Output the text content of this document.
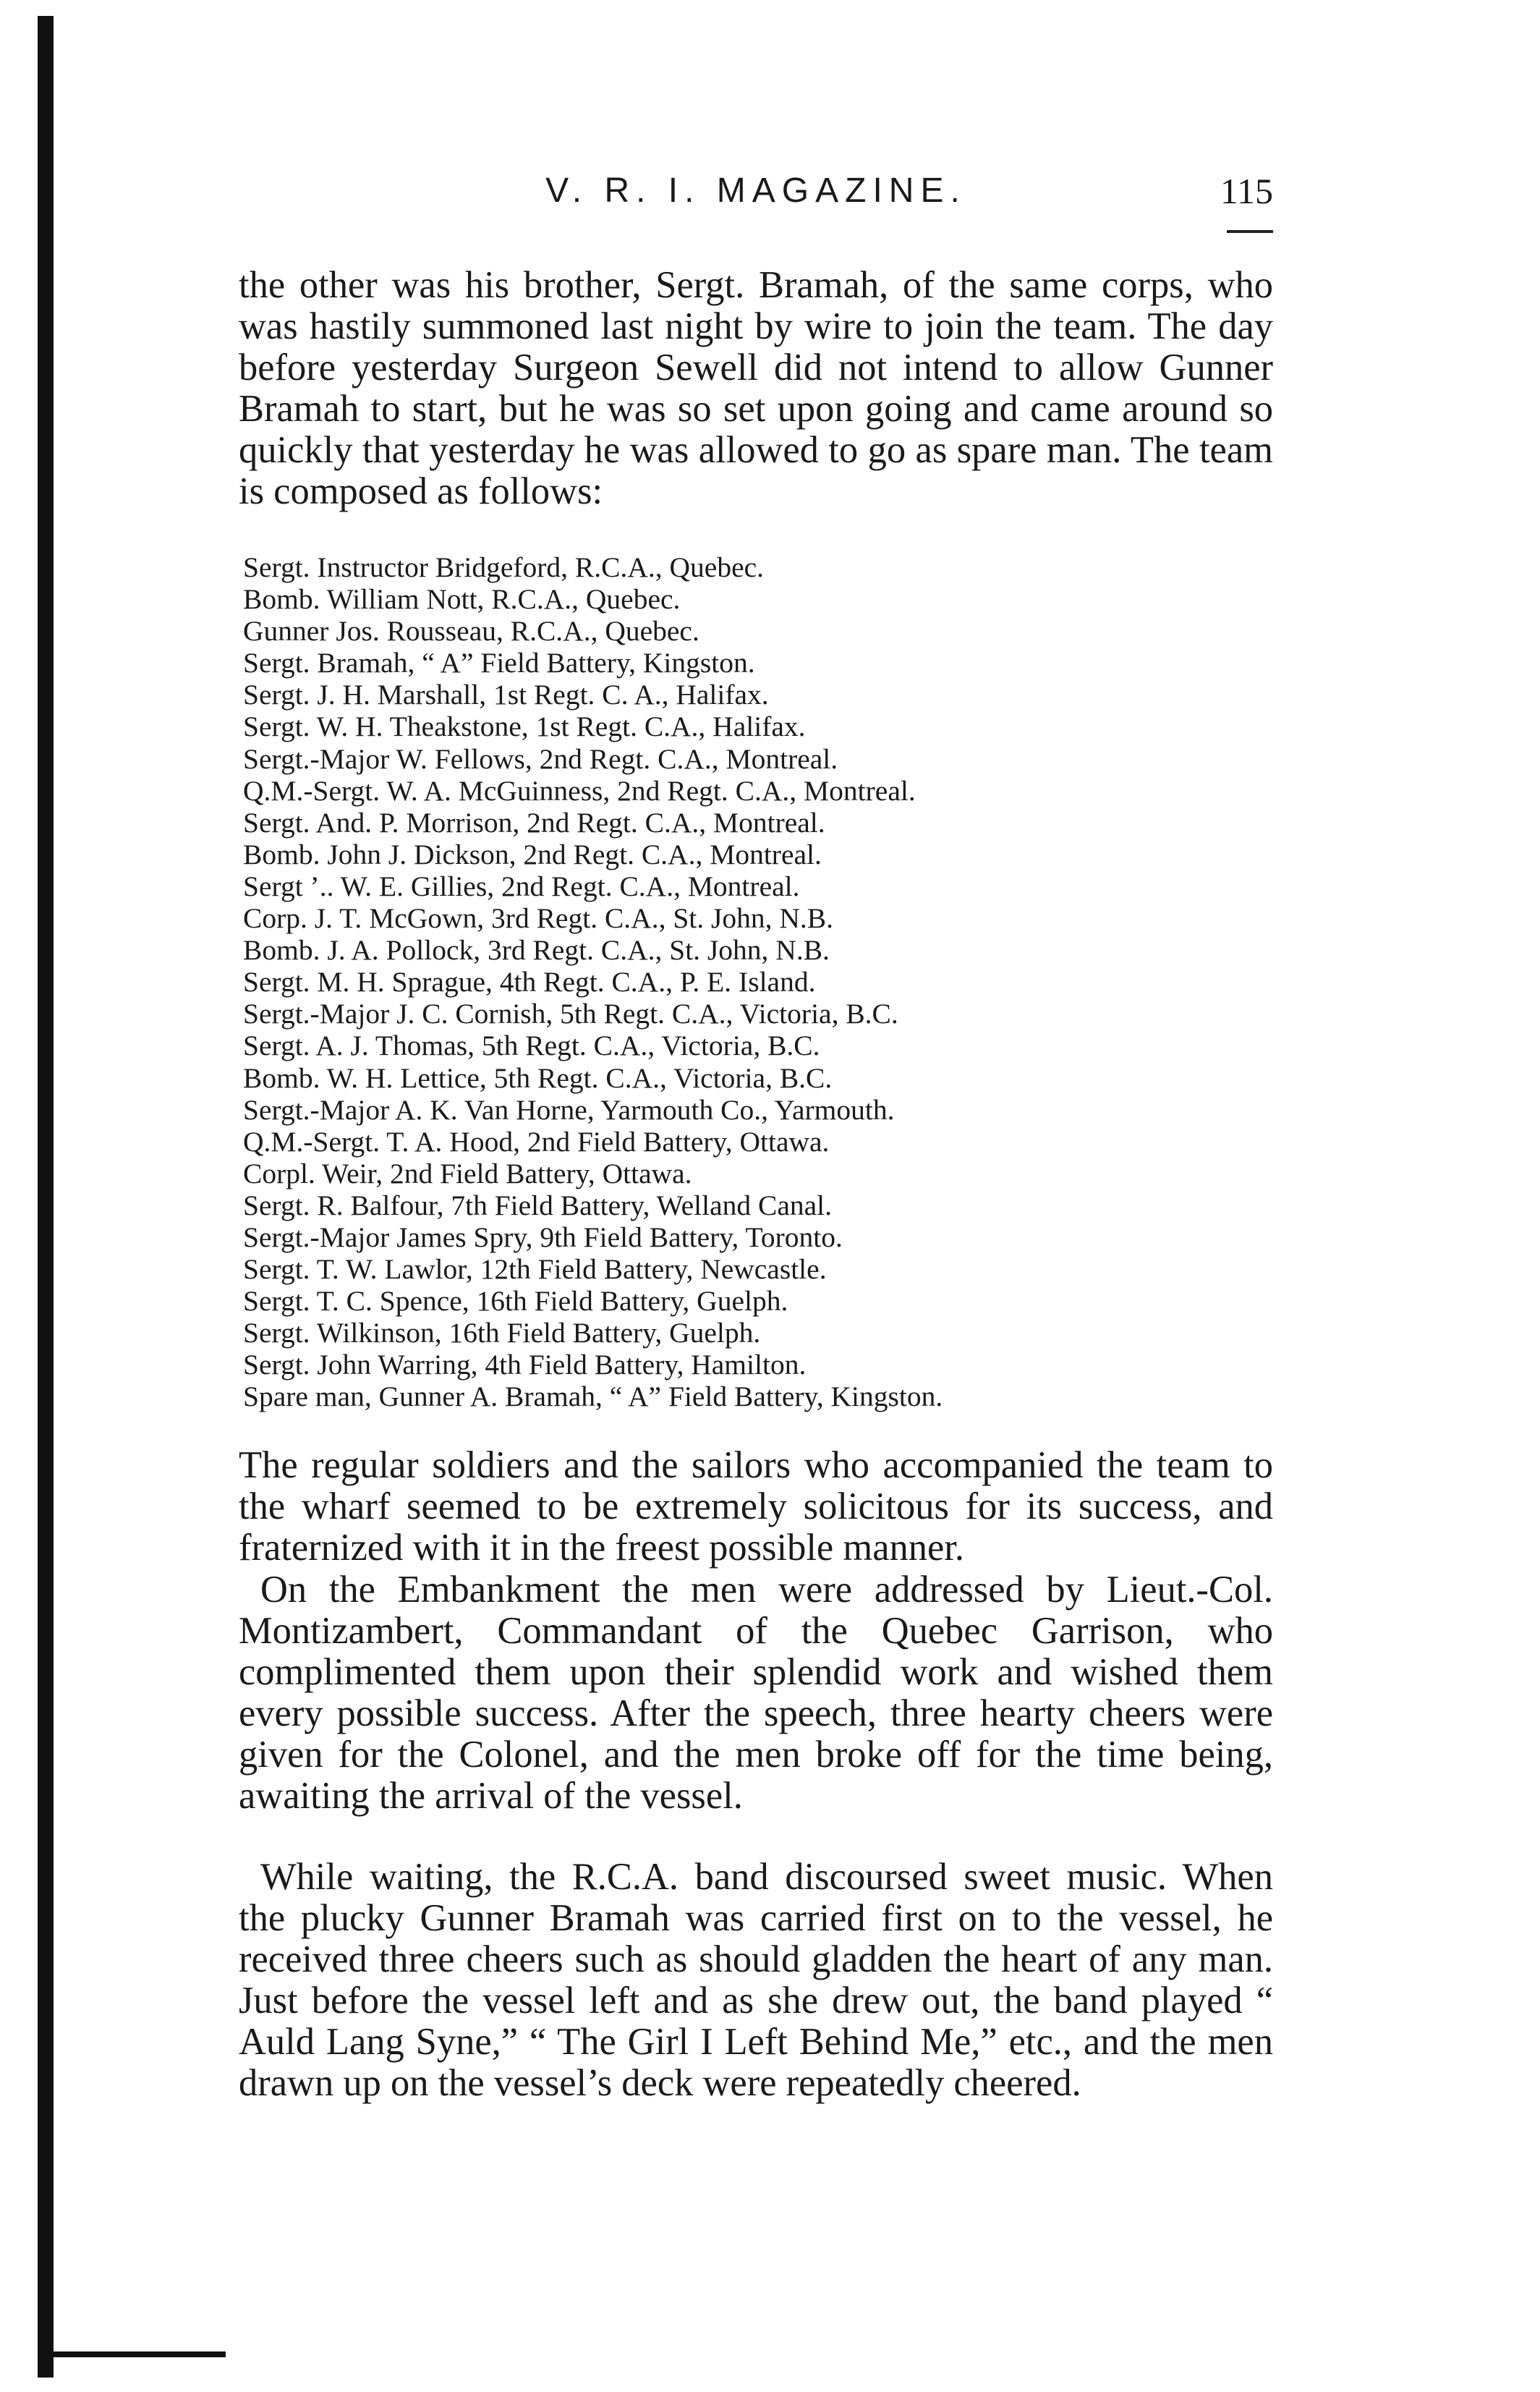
V. R. I. MAGAZINE.	115

the other was his brother, Sergt. Bramah, of the same corps, who was hastily summoned last night by wire to join the team. The day before yesterday Surgeon Sewell did not intend to allow Gunner Bramah to start, but he was so set upon going and came around so quickly that yesterday he was allowed to go as spare man. The team is composed as follows:

Sergt. Instructor Bridgeford, R.C.A., Quebec.
Bomb. William Nott, R.C.A., Quebec.
Gunner Jos. Rousseau, R.C.A., Quebec.
Sergt. Bramah, “ A” Field Battery, Kingston.
Sergt. J. H. Marshall, 1st Regt. C. A., Halifax.
Sergt. W. H. Theakstone, 1st Regt. C.A., Halifax.
Sergt.-Major W. Fellows, 2nd Regt. C.A., Montreal.
Q.M.-Sergt. W. A. McGuinness, 2nd Regt. C.A., Montreal.
Sergt. And. P. Morrison, 2nd Regt. C.A., Montreal.
Bomb. John J. Dickson, 2nd Regt. C.A., Montreal.
Sergt ’.. W. E. Gillies, 2nd Regt. C.A., Montreal.
Corp. J. T. McGown, 3rd Regt. C.A., St. John, N.B.
Bomb. J. A. Pollock, 3rd Regt. C.A., St. John, N.B.
Sergt. M. H. Sprague, 4th Regt. C.A., P. E. Island.
Sergt.-Major J. C. Cornish, 5th Regt. C.A., Victoria, B.C.
Sergt. A. J. Thomas, 5th Regt. C.A., Victoria, B.C.
Bomb. W. H. Lettice, 5th Regt. C.A., Victoria, B.C.
Sergt.-Major A. K. Van Horne, Yarmouth Co., Yarmouth.
Q.M.-Sergt. T. A. Hood, 2nd Field Battery, Ottawa.
Corpl. Weir, 2nd Field Battery, Ottawa.
Sergt. R. Balfour, 7th Field Battery, Welland Canal.
Sergt.-Major James Spry, 9th Field Battery, Toronto.
Sergt. T. W. Lawlor, 12th Field Battery, Newcastle.
Sergt. T. C. Spence, 16th Field Battery, Guelph.
Sergt. Wilkinson, 16th Field Battery, Guelph.
Sergt. John Warring, 4th Field Battery, Hamilton.
Spare man, Gunner A. Bramah, “ A” Field Battery, Kingston.

The regular soldiers and the sailors who accompanied the team to the wharf seemed to be extremely solicitous for its success, and fraternized with it in the freest possible manner.

On the Embankment the men were addressed by Lieut.-Col. Montizambert, Commandant of the Quebec Garrison, who complimented them upon their splendid work and wished them every possible success. After the speech, three hearty cheers were given for the Colonel, and the men broke off for the time being, awaiting the arrival of the vessel.

While waiting, the R.C.A. band discoursed sweet music. When the plucky Gunner Bramah was carried first on to the vessel, he received three cheers such as should gladden the heart of any man. Just before the vessel left and as she drew out, the band played “ Auld Lang Syne,” “ The Girl I Left Behind Me,” etc., and the men drawn up on the vessel’s deck were repeatedly cheered.
